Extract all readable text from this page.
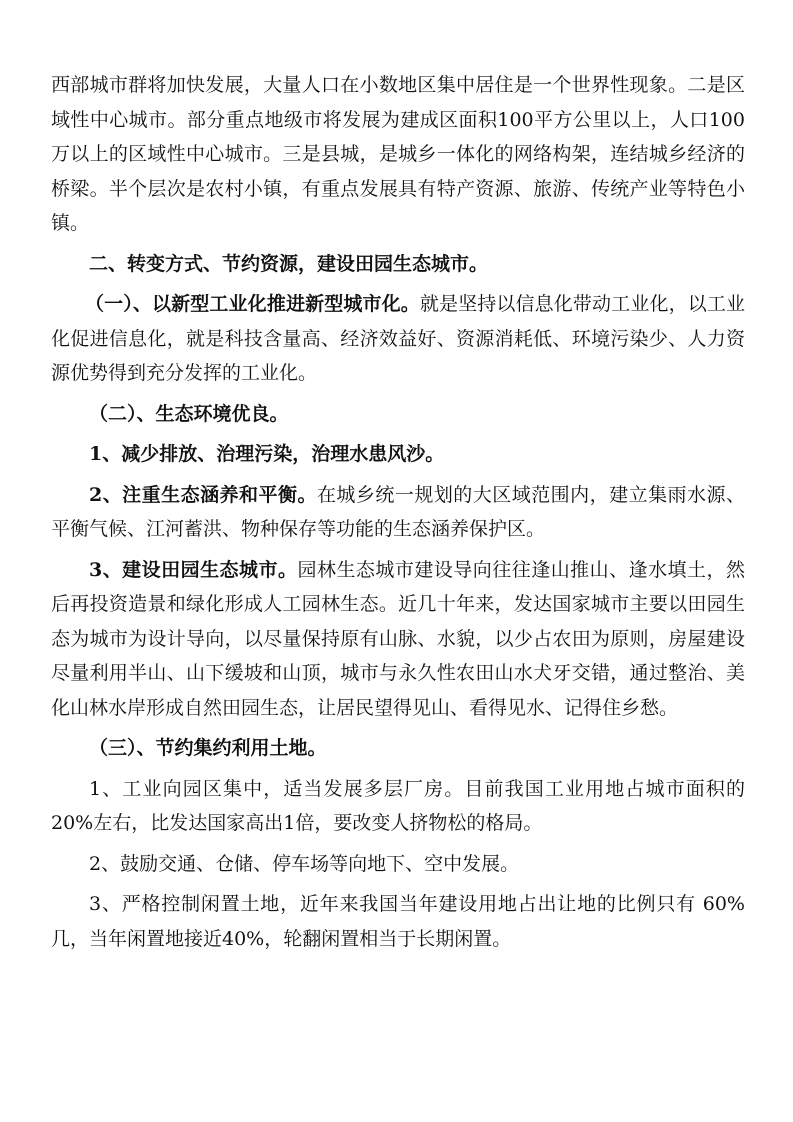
西部城市群将加快发展，大量人口在小数地区集中居住是一个世界性现象。二是区域性中心城市。部分重点地级市将发展为建成区面积100平方公里以上，人口100万以上的区域性中心城市。三是县城，是城乡一体化的网络构架，连结城乡经济的桥梁。半个层次是农村小镇，有重点发展具有特产资源、旅游、传统产业等特色小镇。

二、转变方式、节约资源，建设田园生态城市。

（一）、以新型工业化推进新型城市化。就是坚持以信息化带动工业化，以工业化促进信息化，就是科技含量高、经济效益好、资源消耗低、环境污染少、人力资源优势得到充分发挥的工业化。

（二）、生态环境优良。

1、减少排放、治理污染，治理水患风沙。

2、注重生态涵养和平衡。在城乡统一规划的大区域范围内，建立集雨水源、平衡气候、江河蓄洪、物种保存等功能的生态涵养保护区。

3、建设田园生态城市。园林生态城市建设导向往往逢山推山、逢水填土，然后再投资造景和绿化形成人工园林生态。近几十年来，发达国家城市主要以田园生态为城市为设计导向，以尽量保持原有山脉、水貌，以少占农田为原则，房屋建设尽量利用半山、山下缓坡和山顶，城市与永久性农田山水犬牙交错，通过整治、美化山林水岸形成自然田园生态，让居民望得见山、看得见水、记得住乡愁。

（三）、节约集约利用土地。

1、工业向园区集中，适当发展多层厂房。目前我国工业用地占城市面积的20%左右，比发达国家高出1倍，要改变人挤物松的格局。

2、鼓励交通、仓储、停车场等向地下、空中发展。

3、严格控制闲置土地，近年来我国当年建设用地占出让地的比例只有 60%几，当年闲置地接近40%，轮翻闲置相当于长期闲置。
